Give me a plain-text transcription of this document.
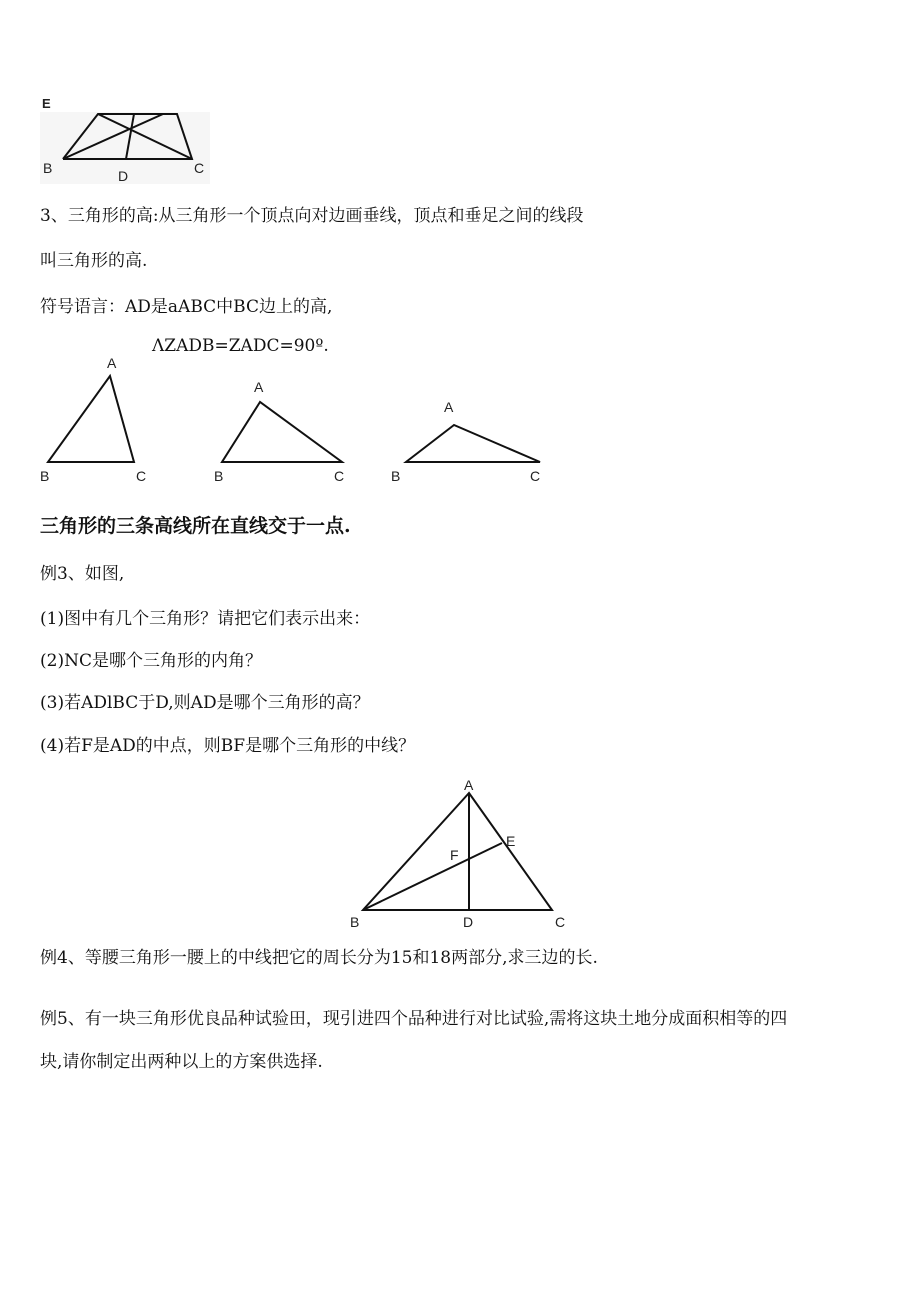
E
B	D	C
3、三角形的高:从三角形一个顶点向对边画垂线，顶点和垂足之间的线段
叫三角形的高.
符号语言：AD是aABC中BC边上的高,
ΛZADB=ZADC=90º.
A
B	C
A
B	C
A
B	C
三角形的三条高线所在直线交于一点.
例3、如图,
(1)图中有几个三角形？请把它们表示出来：
(2)NC是哪个三角形的内角？
(3)若ADlBC于D,则AD是哪个三角形的高？
(4)若F是AD的中点，则BF是哪个三角形的中线？
A
E
F
B	D	C
例4、等腰三角形一腰上的中线把它的周长分为15和18两部分,求三边的长.
例5、有一块三角形优良品种试验田，现引进四个品种进行对比试验,需将这块土地分成面积相等的四
块,请你制定出两种以上的方案供选择.
